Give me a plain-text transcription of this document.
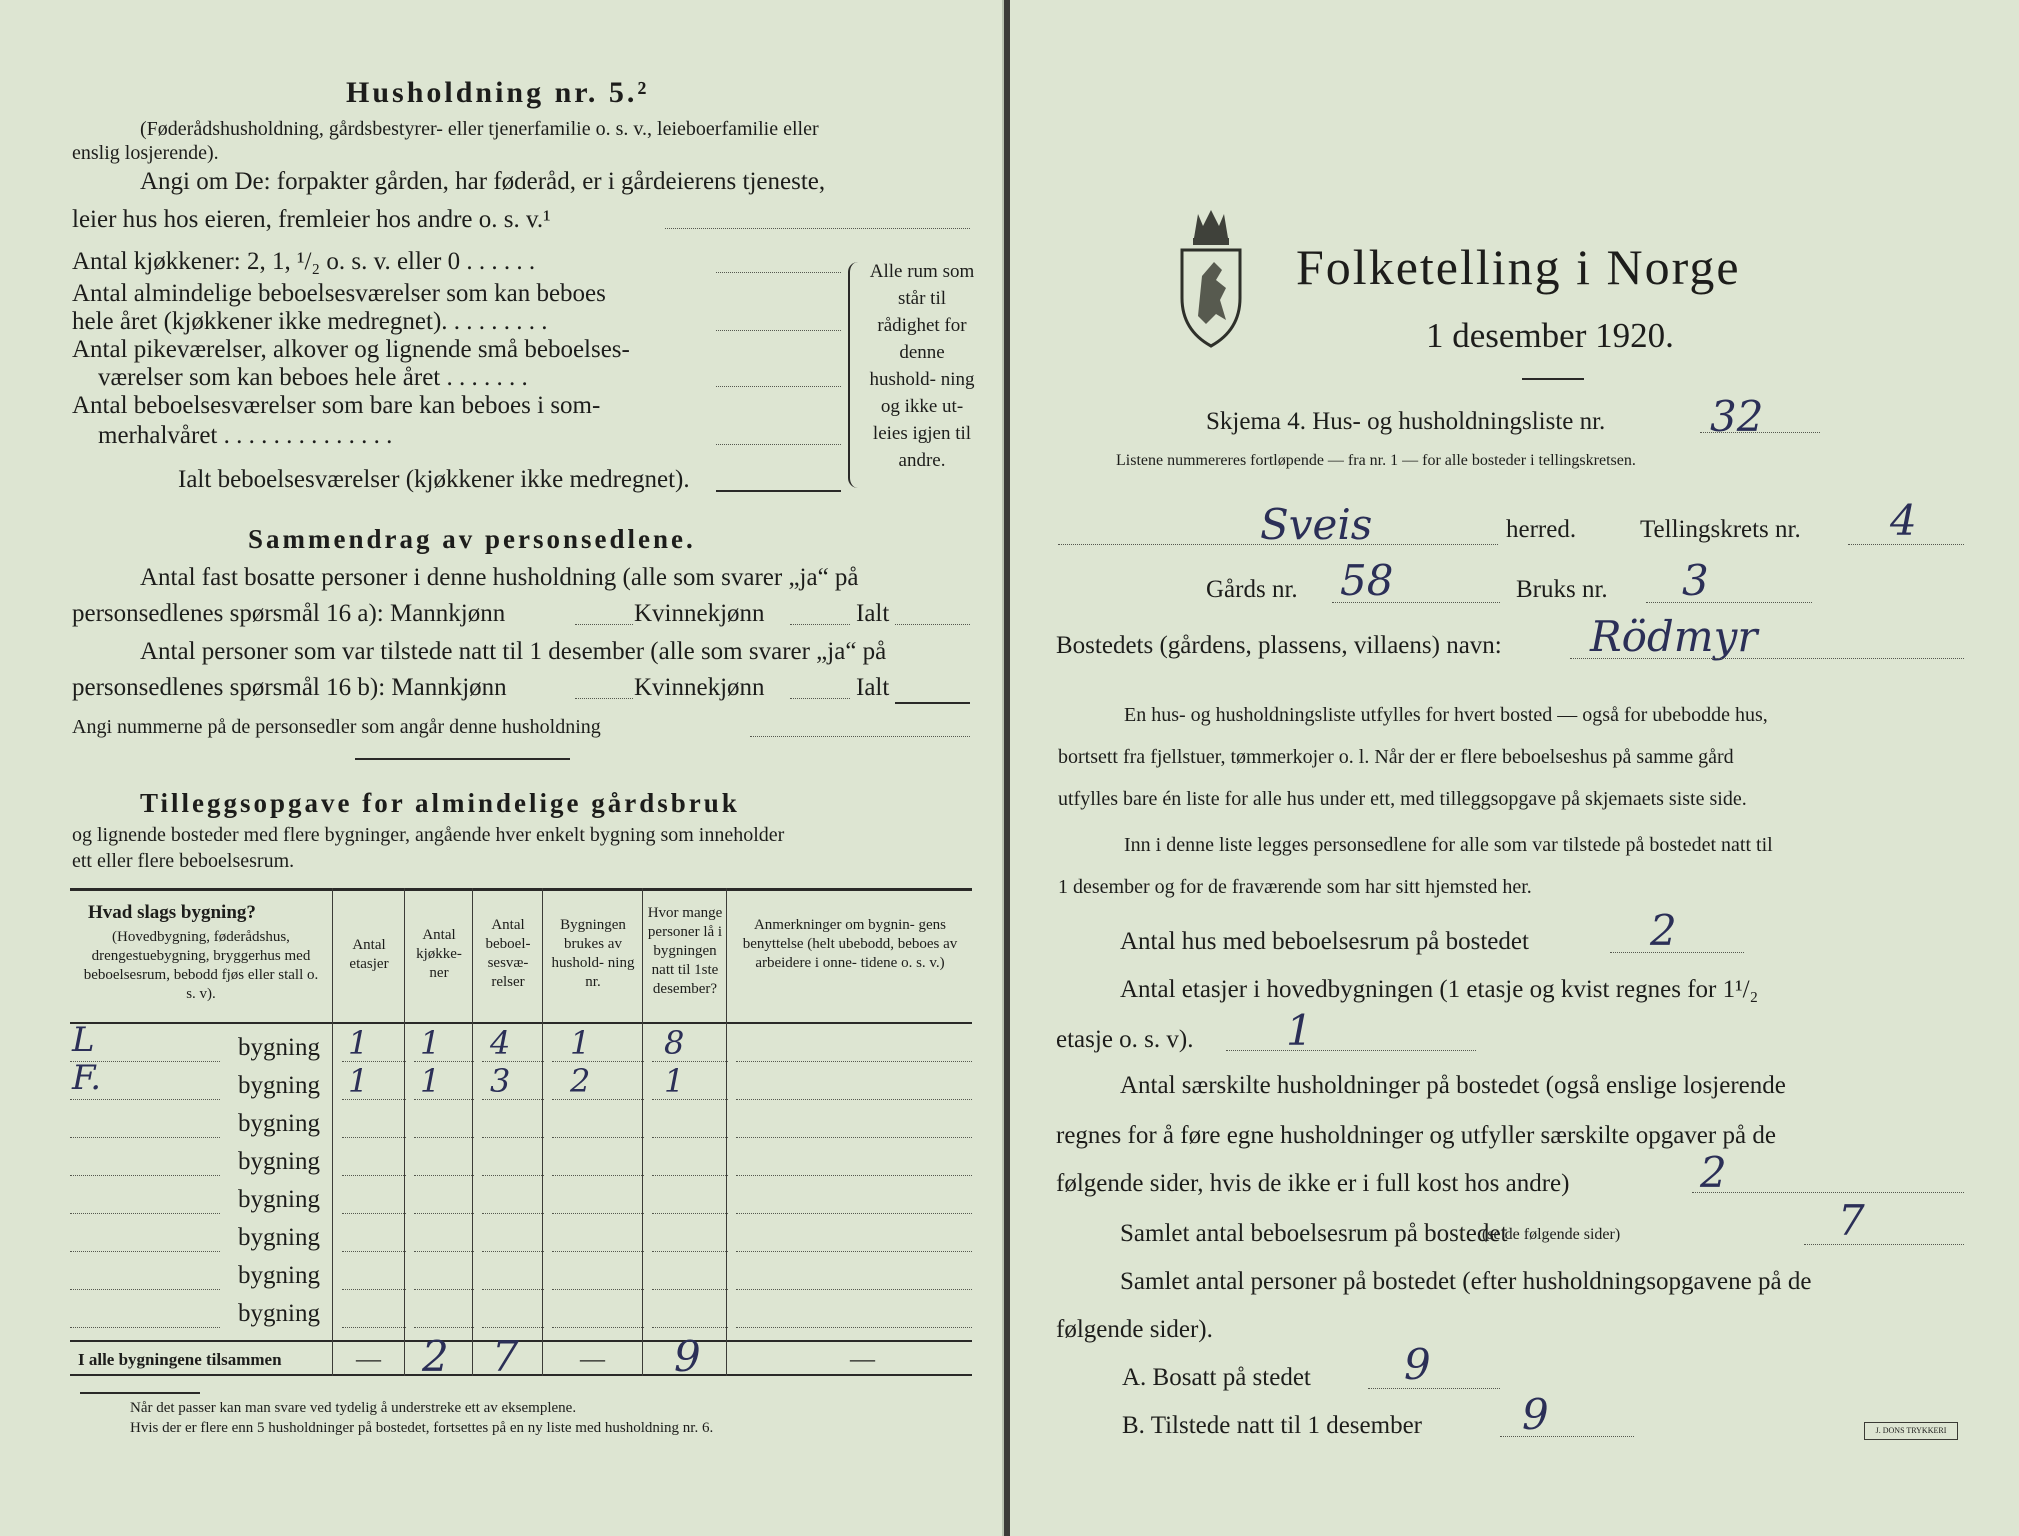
Husholdning nr. 5.²
(Føderådshusholdning, gårdsbestyrer- eller tjenerfamilie o. s. v., leieboerfamilie eller
enslig losjerende).
Angi om De: forpakter gården, har føderåd, er i gårdeierens tjeneste,
leier hus hos eieren, fremleier hos andre o. s. v.¹
Antal kjøkkener: 2, 1, ¹/₂ o. s. v. eller 0 . . . . . .
Antal almindelige beboelsesværelser som kan beboes
hele året (kjøkkener ikke medregnet). . . . . . . . .
Antal pikeværelser, alkover og lignende små beboelses-
værelser som kan beboes hele året . . . . . . .
Antal beboelsesværelser som bare kan beboes i som-
merhalvåret . . . . . . . . . . . . . .
Ialt beboelsesværelser (kjøkkener ikke medregnet).
Alle rum som står til rådighet for denne hushold- ning og ikke ut- leies igjen til andre.
Sammendrag av personsedlene.
Antal fast bosatte personer i denne husholdning (alle som svarer „ja“ på
personsedlenes spørsmål 16 a): Mannkjønn	Kvinnekjønn	Ialt
Antal personer som var tilstede natt til 1 desember (alle som svarer „ja“ på
personsedlenes spørsmål 16 b): Mannkjønn	Kvinnekjønn	Ialt
Angi nummerne på de personsedler som angår denne husholdning
Tilleggsopgave for almindelige gårdsbruk
og lignende bosteder med flere bygninger, angående hver enkelt bygning som inneholder
ett eller flere beboelsesrum.
Hvad slags bygning?
(Hovedbygning, føderådshus, drengestuebygning, bryggerhus med beboelsesrum, bebodd fjøs eller stall o. s. v).
Antal etasjer
Antal kjøkke- ner
Antal beboel- sesvæ- relser
Bygningen brukes av hushold- ning nr.
Hvor mange personer lå i bygningen natt til 1ste desember?
Anmerkninger om bygnin- gens benyttelse (helt ubebodd, beboes av arbeidere i onne- tidene o. s. v.)
L	bygning 1 1 4 1 8
F.	bygning 1 1 3 2 1
bygning
bygning
bygning
bygning
bygning
bygning
I alle bygningene tilsammen	— 2 7 — 9	—
Når det passer kan man svare ved tydelig å understreke ett av eksemplene.
Hvis der er flere enn 5 husholdninger på bostedet, fortsettes på en ny liste med husholdning nr. 6.
Folketelling i Norge
1 desember 1920.
Skjema 4. Hus- og husholdningsliste nr. 32
Listene nummereres fortløpende — fra nr. 1 — for alle bosteder i tellingskretsen.
Sveis	herred.	Tellingskrets nr. 4
Gårds nr. 58	Bruks nr. 3
Bostedets (gårdens, plassens, villaens) navn: Rödmyr
En hus- og husholdningsliste utfylles for hvert bosted — også for ubebodde hus,
bortsett fra fjellstuer, tømmerkojer o. l. Når der er flere beboelseshus på samme gård
utfylles bare én liste for alle hus under ett, med tilleggsopgave på skjemaets siste side.
Inn i denne liste legges personsedlene for alle som var tilstede på bostedet natt til
1 desember og for de fraværende som har sitt hjemsted her.
Antal hus med beboelsesrum på bostedet	2
Antal etasjer i hovedbygningen (1 etasje og kvist regnes for 1¹/₂
etasje o. s. v). 1
Antal særskilte husholdninger på bostedet (også enslige losjerende
regnes for å føre egne husholdninger og utfyller særskilte opgaver på de
følgende sider, hvis de ikke er i full kost hos andre)	2
Samlet antal beboelsesrum på bostedet
(se de følgende sider)	7
Samlet antal personer på bostedet (efter husholdningsopgavene på de
følgende sider).
A. Bosatt på stedet 9
B. Tilstede natt til 1 desember 9	J. DONS TRYKKERI
